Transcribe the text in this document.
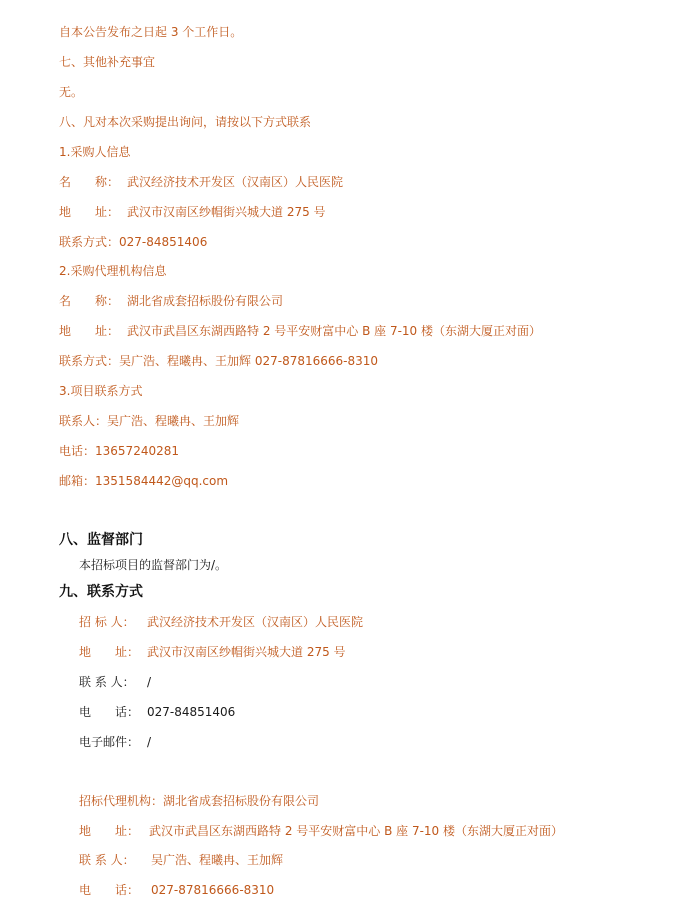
自本公告发布之日起 3 个工作日。
七、其他补充事宜
无。
八、凡对本次采购提出询问，请按以下方式联系
1.采购人信息
名　　称： 武汉经济技术开发区（汉南区）人民医院
地　　址： 武汉市汉南区纱帽街兴城大道 275 号
联系方式：027-84851406
2.采购代理机构信息
名　　称： 湖北省成套招标股份有限公司
地　　址： 武汉市武昌区东湖西路特 2 号平安财富中心 B 座 7-10 楼（东湖大厦正对面）
联系方式：吴广浩、程曦冉、王加辉 027-87816666-8310
3.项目联系方式
联系人：吴广浩、程曦冉、王加辉
电话：13657240281
邮箱：1351584442@qq.com
八、监督部门
本招标项目的监督部门为/。
九、联系方式
招 标 人： 武汉经济技术开发区（汉南区）人民医院
地　　址： 武汉市汉南区纱帽街兴城大道 275 号
联 系 人： /
电　　话： 027-84851406
电子邮件： /
招标代理机构：湖北省成套招标股份有限公司
地　　址： 武汉市武昌区东湖西路特 2 号平安财富中心 B 座 7-10 楼（东湖大厦正对面）
联 系 人： 吴广浩、程曦冉、王加辉
电　　话： 027-87816666-8310
